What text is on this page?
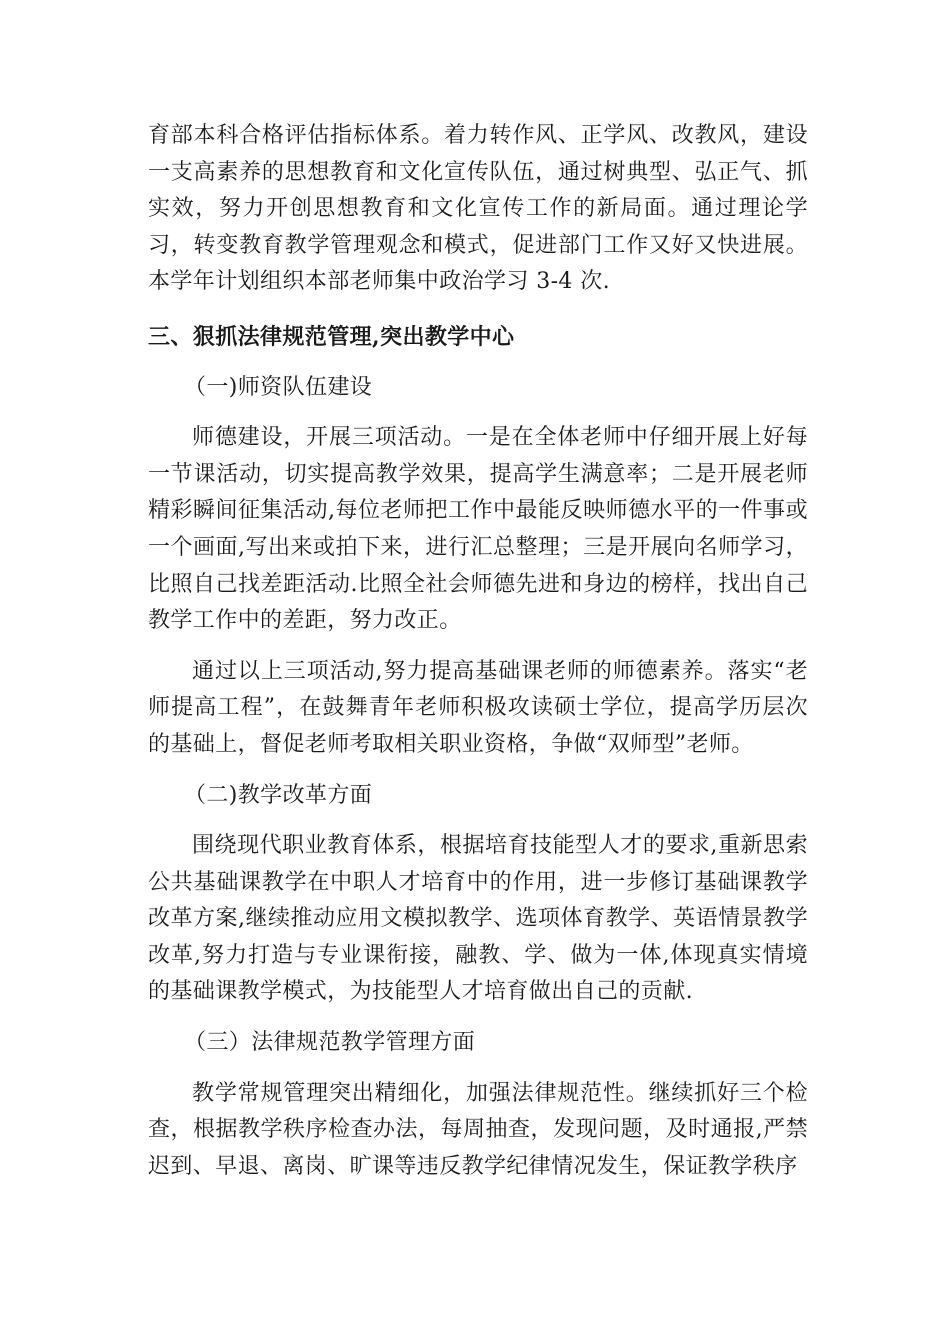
育部本科合格评估指标体系。着力转作风、正学风、改教风，建设一支高素养的思想教育和文化宣传队伍，通过树典型、弘正气、抓实效，努力开创思想教育和文化宣传工作的新局面。通过理论学习，转变教育教学管理观念和模式，促进部门工作又好又快进展。本学年计划组织本部老师集中政治学习 3-4 次.

三、狠抓法律规范管理,突出教学中心

（一)师资队伍建设

师德建设，开展三项活动。一是在全体老师中仔细开展上好每一节课活动，切实提高教学效果，提高学生满意率；二是开展老师精彩瞬间征集活动,每位老师把工作中最能反映师德水平的一件事或一个画面,写出来或拍下来，进行汇总整理；三是开展向名师学习，比照自己找差距活动.比照全社会师德先进和身边的榜样，找出自己教学工作中的差距，努力改正。

通过以上三项活动,努力提高基础课老师的师德素养。落实“老师提高工程”，在鼓舞青年老师积极攻读硕士学位，提高学历层次的基础上，督促老师考取相关职业资格，争做“双师型”老师。

（二)教学改革方面

围绕现代职业教育体系，根据培育技能型人才的要求,重新思索公共基础课教学在中职人才培育中的作用，进一步修订基础课教学改革方案,继续推动应用文模拟教学、选项体育教学、英语情景教学改革,努力打造与专业课衔接，融教、学、做为一体,体现真实情境的基础课教学模式，为技能型人才培育做出自己的贡献.

（三）法律规范教学管理方面

教学常规管理突出精细化，加强法律规范性。继续抓好三个检查，根据教学秩序检查办法，每周抽查，发现问题，及时通报,严禁迟到、早退、离岗、旷课等违反教学纪律情况发生，保证教学秩序
